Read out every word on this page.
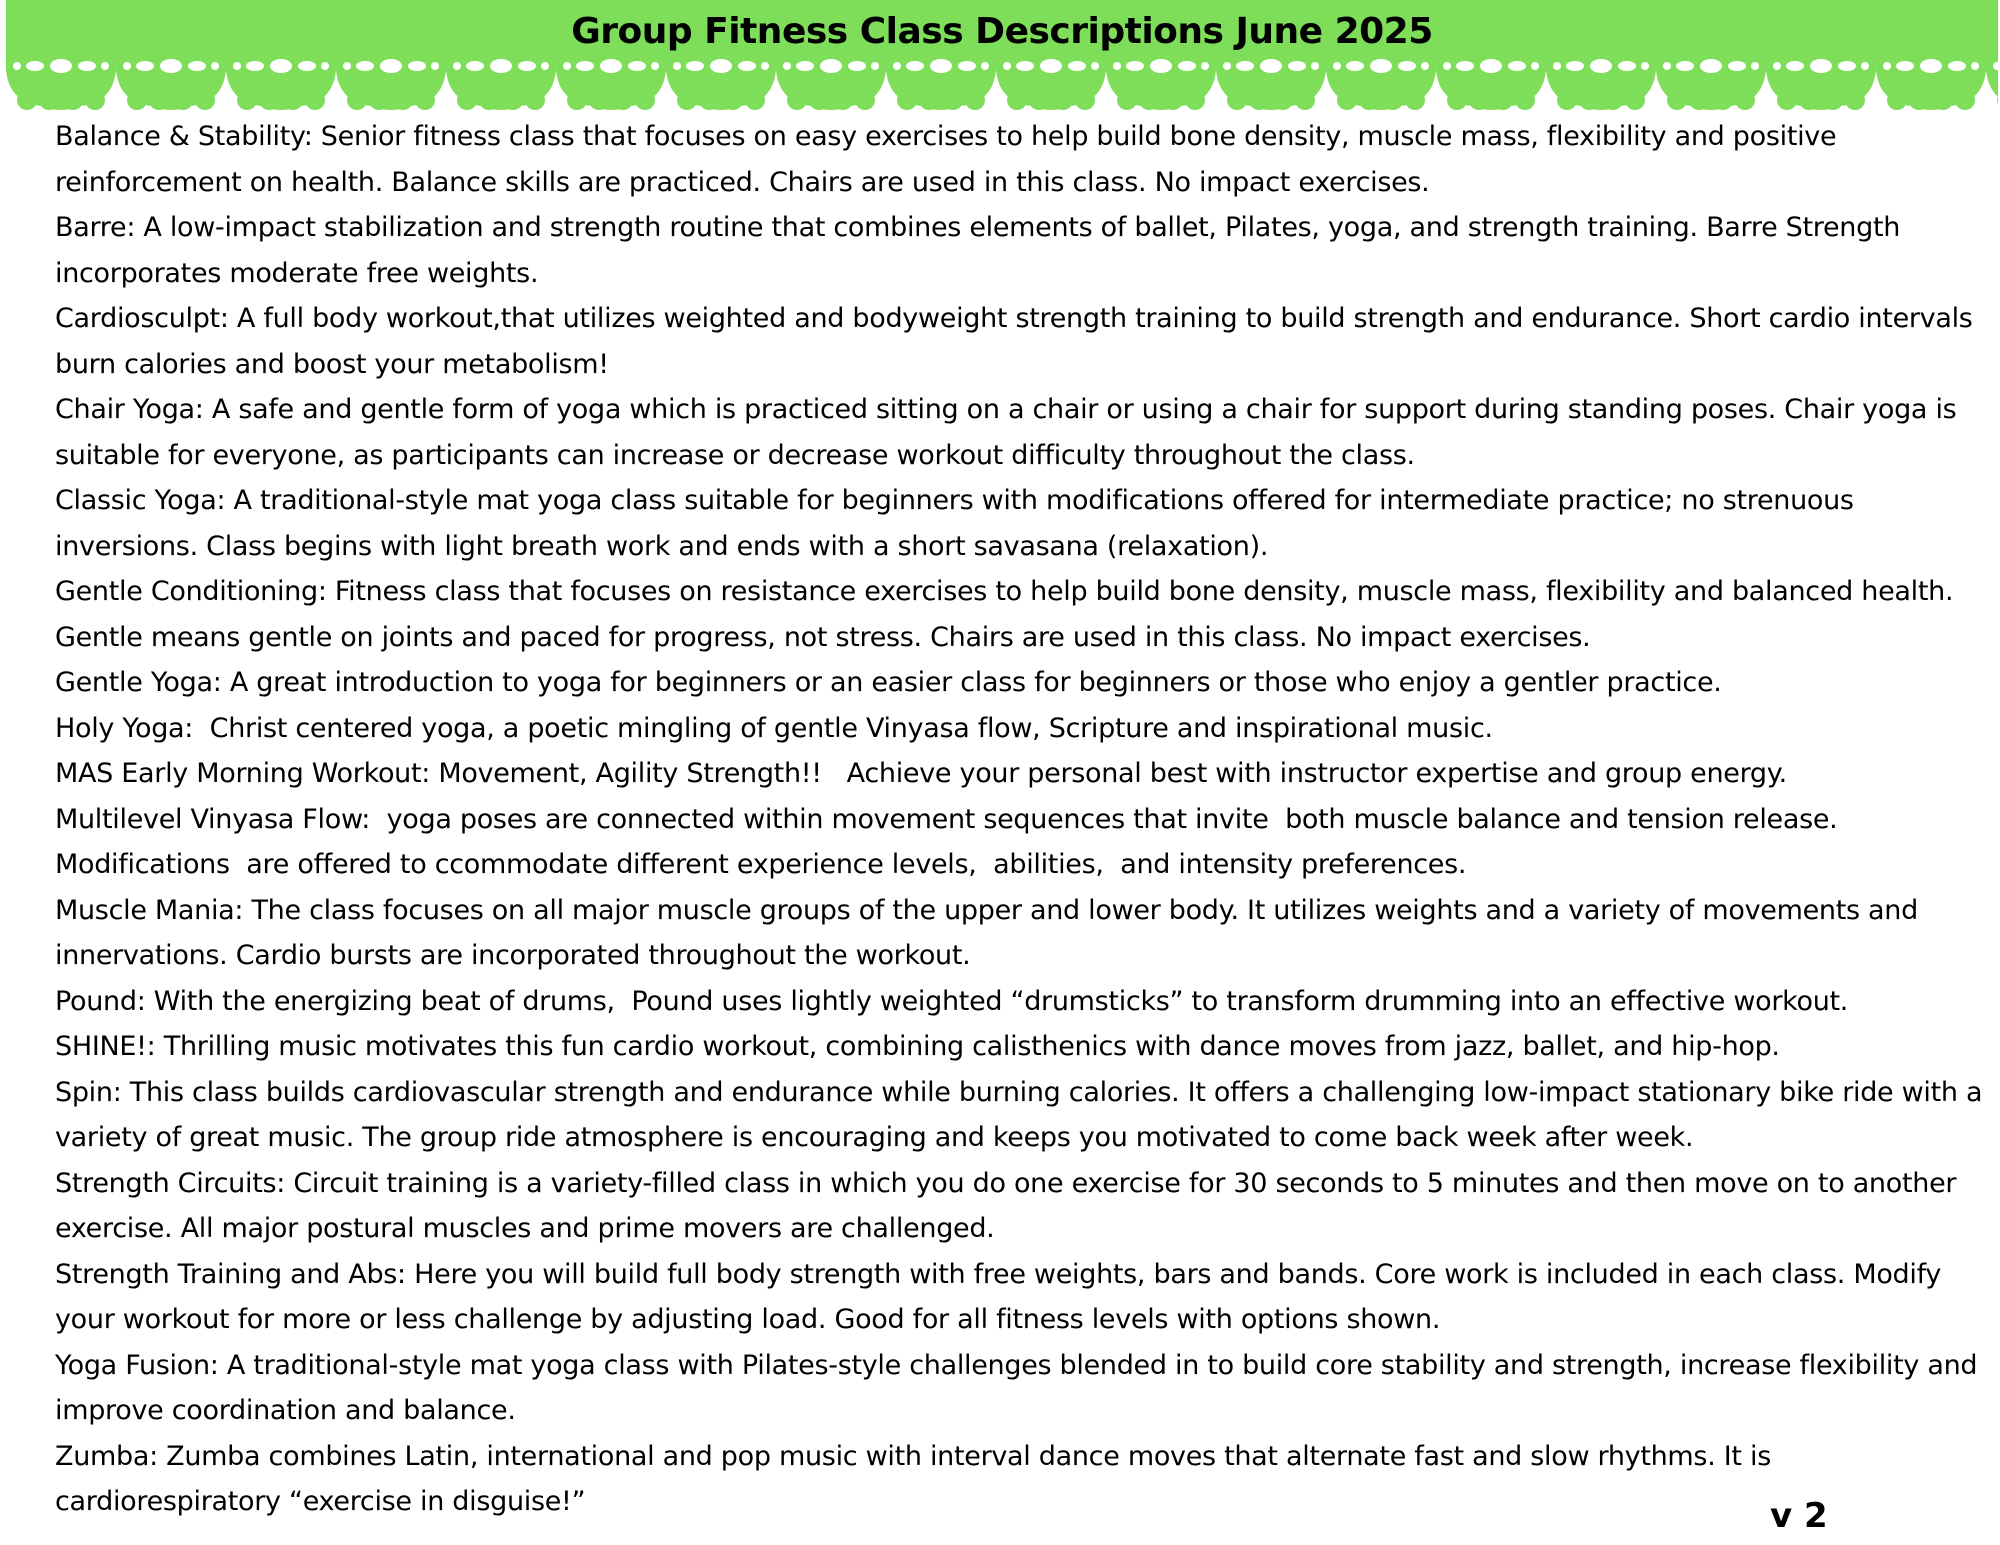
Group Fitness Class Descriptions June 2025

Balance & Stability: Senior fitness class that focuses on easy exercises to help build bone density, muscle mass, flexibility and positive reinforcement on health. Balance skills are practiced. Chairs are used in this class. No impact exercises.

Barre: A low-impact stabilization and strength routine that combines elements of ballet, Pilates, yoga, and strength training. Barre Strength incorporates moderate free weights.

Cardiosculpt: A full body workout,that utilizes weighted and bodyweight strength training to build strength and endurance. Short cardio intervals burn calories and boost your metabolism!

Chair Yoga: A safe and gentle form of yoga which is practiced sitting on a chair or using a chair for support during standing poses. Chair yoga is suitable for everyone, as participants can increase or decrease workout difficulty throughout the class.

Classic Yoga: A traditional-style mat yoga class suitable for beginners with modifications offered for intermediate practice; no strenuous inversions. Class begins with light breath work and ends with a short savasana (relaxation).

Gentle Conditioning: Fitness class that focuses on resistance exercises to help build bone density, muscle mass, flexibility and balanced health. Gentle means gentle on joints and paced for progress, not stress. Chairs are used in this class. No impact exercises.

Gentle Yoga: A great introduction to yoga for beginners or an easier class for beginners or those who enjoy a gentler practice.

Holy Yoga:  Christ centered yoga, a poetic mingling of gentle Vinyasa flow, Scripture and inspirational music.

MAS Early Morning Workout: Movement, Agility Strength!!   Achieve your personal best with instructor expertise and group energy.

Multilevel Vinyasa Flow:  yoga poses are connected within movement sequences that invite  both muscle balance and tension release. Modifications  are offered to ccommodate different experience levels,  abilities,  and intensity preferences.

Muscle Mania: The class focuses on all major muscle groups of the upper and lower body. It utilizes weights and a variety of movements and innervations. Cardio bursts are incorporated throughout the workout.

Pound: With the energizing beat of drums,  Pound uses lightly weighted “drumsticks” to transform drumming into an effective workout.

SHINE!: Thrilling music motivates this fun cardio workout, combining calisthenics with dance moves from jazz, ballet, and hip-hop.

Spin: This class builds cardiovascular strength and endurance while burning calories. It offers a challenging low-impact stationary bike ride with a variety of great music. The group ride atmosphere is encouraging and keeps you motivated to come back week after week.

Strength Circuits: Circuit training is a variety-filled class in which you do one exercise for 30 seconds to 5 minutes and then move on to another exercise. All major postural muscles and prime movers are challenged.

Strength Training and Abs: Here you will build full body strength with free weights, bars and bands. Core work is included in each class. Modify your workout for more or less challenge by adjusting load. Good for all fitness levels with options shown.

Yoga Fusion: A traditional-style mat yoga class with Pilates-style challenges blended in to build core stability and strength, increase flexibility and improve coordination and balance.

Zumba: Zumba combines Latin, international and pop music with interval dance moves that alternate fast and slow rhythms. It is cardiorespiratory “exercise in disguise!”	v 2
